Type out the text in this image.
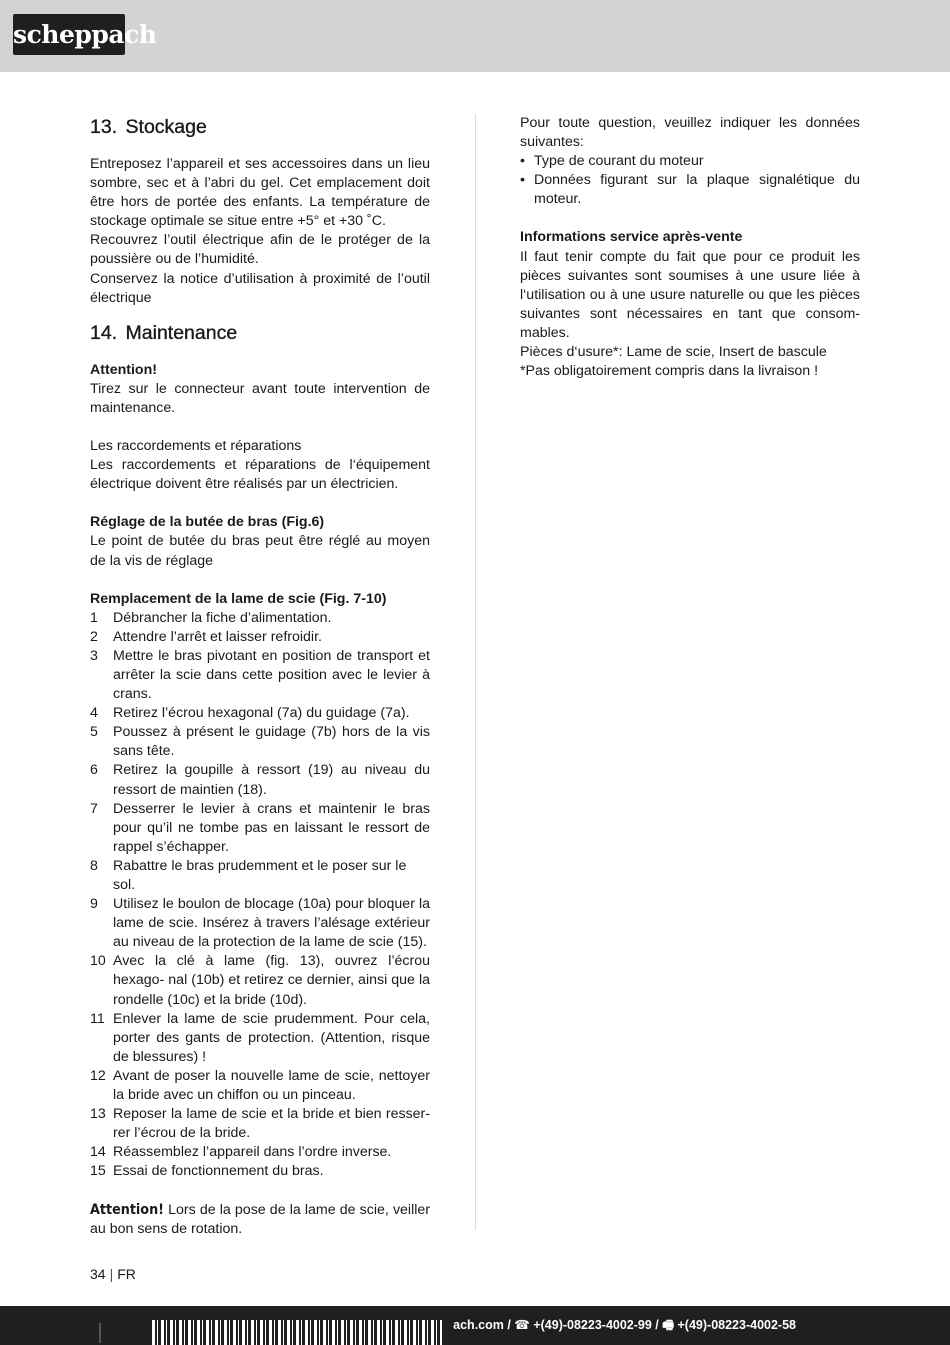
scheppach
13. Stockage

Entreposez l’appareil et ses accessoires dans un lieu sombre, sec et à l’abri du gel. Cet emplacement doit être hors de portée des enfants. La température de stockage optimale se situe entre +5° et +30 ˚C.

Recouvrez l’outil électrique afin de le protéger de la poussière ou de l’humidité.

Conservez la notice d’utilisation à proximité de l’outil électrique

14. Maintenance

Attention!

Tirez sur le connecteur avant toute intervention de maintenance.

Les raccordements et réparations

Les raccordements et réparations de l‘équipement électrique doivent être réalisés par un électricien.

Réglage de la butée de bras (Fig.6)

Le point de butée du bras peut être réglé au moyen de la vis de réglage

Remplacement de la lame de scie (Fig. 7-10)

1 Débrancher la fiche d’alimentation.
2 Attendre l’arrêt et laisser refroidir.
3 Mettre le bras pivotant en position de transport et arrêter la scie dans cette position avec le levier à crans.
4 Retirez l’écrou hexagonal (7a) du guidage (7a).
5 Poussez à présent le guidage (7b) hors de la vis sans tête.
6 Retirez la goupille à ressort (19) au niveau du ressort de maintien (18).
7 Desserrer le levier à crans et maintenir le bras pour qu’il ne tombe pas en laissant le ressort de rappel s’échapper.
8 Rabattre le bras prudemment et le poser sur le sol.
9 Utilisez le boulon de blocage (10a) pour bloquer la lame de scie. Insérez à travers l’alésage extérieur au niveau de la protection de la lame de scie (15).
10 Avec la clé à lame (fig. 13), ouvrez l’écrou hexago- nal (10b) et retirez ce dernier, ainsi que la rondelle (10c) et la bride (10d).
11 Enlever la lame de scie prudemment. Pour cela, porter des gants de protection. (Attention, risque de blessures) !
12 Avant de poser la nouvelle lame de scie, nettoyer la bride avec un chiffon ou un pinceau.
13 Reposer la lame de scie et la bride et bien resser- rer l’écrou de la bride.
14 Réassemblez l’appareil dans l’ordre inverse.
15 Essai de fonctionnement du bras.

Attention! Lors de la pose de la lame de scie, veiller au bon sens de rotation.

Pour toute question, veuillez indiquer les données suivantes:

• Type de courant du moteur
• Données figurant sur la plaque signalétique du moteur.

Informations service après-vente

Il faut tenir compte du fait que pour ce produit les pièces suivantes sont soumises à une usure liée à l‘utilisation ou à une usure naturelle ou que les pièces suivantes sont nécessaires en tant que consom- mables.

Pièces d‘usure*: Lame de scie, Insert de bascule

*Pas obligatoirement compris dans la livraison !

34 | FR
ach.com / ☎ +(49)-08223-4002-99 / 🖷 +(49)-08223-4002-58
